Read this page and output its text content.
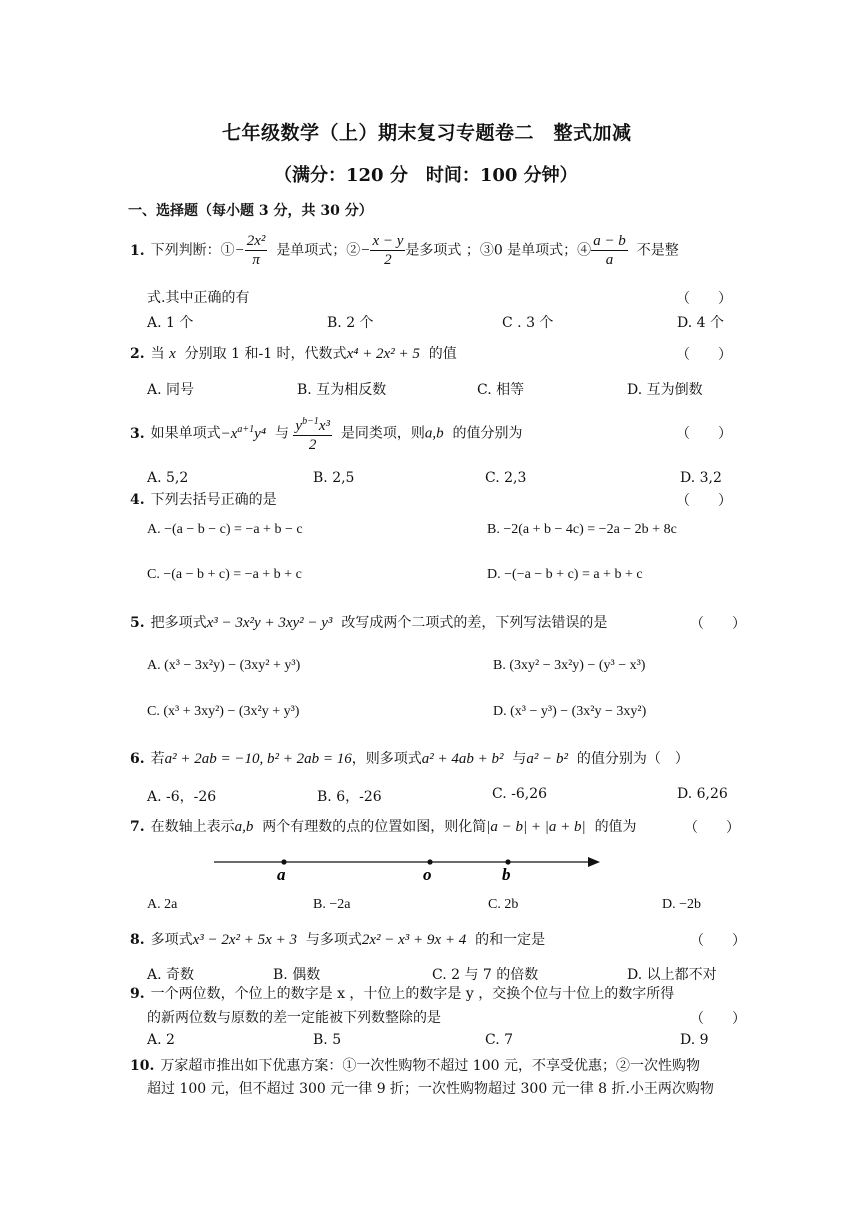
七年级数学（上）期末复习专题卷二　整式加减
（满分：120 分　时间：100 分钟）
一、选择题（每小题 3 分，共 30 分）
1. 下列判断：①− $\frac{\text{2x²}}{\pi}$ 是单项式；②− $\frac{x - y}{2}$ 是多项式 ；③0 是单项式；④ $\frac{a - b}{a}$ 不是整
式.其中正确的有	（　　）
A. 1 个	B. 2 个	C . 3 个	D. 4 个
2. 当 x 分别取 1 和-1 时，代数式x⁴ + 2x² + 5 的值	（　　）
A. 同号	B. 互为相反数	C. 相等	D. 互为倒数
3. 如果单项式$-x^{a+1}y^4$ 与 $\frac{y^{b-1}x^3}{2}$ 是同类项，则a,b 的值分别为	（　　）
A. 5,2	B. 2,5	C. 2,3	D. 3,2
4. 下列去括号正确的是	（　　）
A. −(a − b − c) = −a + b − c	B. −2(a + b − 4c) = −2a − 2b + 8c
C. −(a − b + c) = −a + b + c	D. −(−a − b + c) = a + b + c
5. 把多项式x³ − 3x²y + 3xy² − y³ 改写成两个二项式的差，下列写法错误的是	（　　）
A. (x³ − 3x²y) − (3xy² + y³)	B. (3xy² − 3x²y) − (y³ − x³)
C. (x³ + 3xy²) − (3x²y + y³)	D. (x³ − y³) − (3x²y − 3xy²)
6. 若a² + 2ab = −10, b² + 2ab = 16，则多项式a² + 4ab + b² 与a² − b² 的值分别为（　）
A. -6，-26	B. 6，-26	C. -6,26	D. 6,26
7. 在数轴上表示a,b 两个有理数的点的位置如图，则化简|a − b| + |a + b| 的值为	（　　）
a	o	b
A. 2a	B. −2a	C. 2b	D. −2b
8. 多项式x³ − 2x² + 5x + 3 与多项式2x² − x³ + 9x + 4 的和一定是	（　　）
A. 奇数	B. 偶数	C. 2 与 7 的倍数	D. 以上都不对
9. 一个两位数，个位上的数字是 x ，十位上的数字是 y ，交换个位与十位上的数字所得
的新两位数与原数的差一定能被下列数整除的是	（　　）
A. 2	B. 5	C. 7	D. 9
10. 万家超市推出如下优惠方案：①一次性购物不超过 100 元，不享受优惠；②一次性购物
超过 100 元，但不超过 300 元一律 9 折；一次性购物超过 300 元一律 8 折.小王两次购物
